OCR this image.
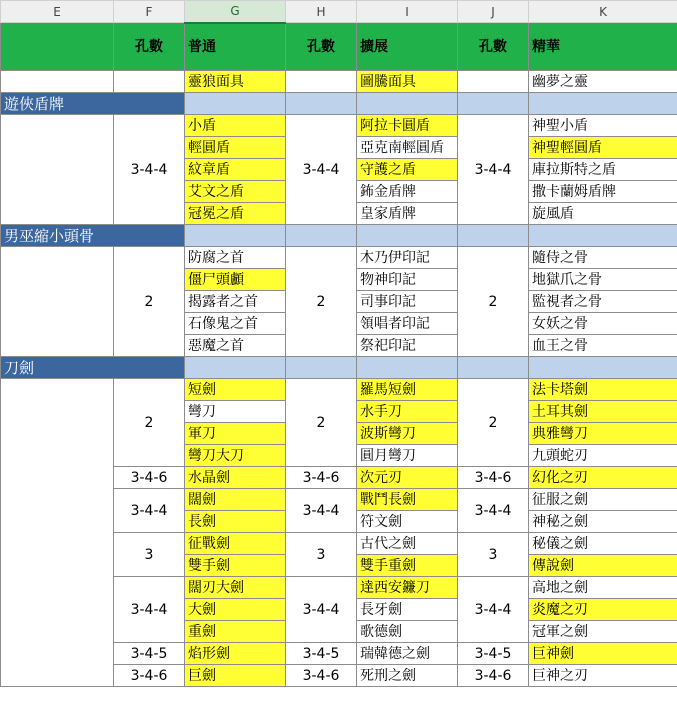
E	F	G	H	I	J	K
	孔數	普通	孔數	擴展	孔數	精華
		靈狼面具		圖騰面具		幽夢之靈
遊俠盾牌						
	3-4-4	小盾	3-4-4	阿拉卡圓盾	3-4-4	神聖小盾
		輕圓盾		亞克南輕圓盾		神聖輕圓盾
		紋章盾		守護之盾		庫拉斯特之盾
		艾文之盾		鈽金盾牌		撒卡蘭姆盾牌
		冠冕之盾		皇家盾牌		旋風盾
男巫縮小頭骨						
	2	防腐之首	2	木乃伊印記	2	隨侍之骨
		僵尸頭顱		物神印記		地獄爪之骨
		揭露者之首		司事印記		監視者之骨
		石像鬼之首		領唱者印記		女妖之骨
		惡魔之首		祭祀印記		血王之骨
刀劍						
	2	短劍	2	羅馬短劍	2	法卡塔劍
		彎刀		水手刀		土耳其劍
		軍刀		波斯彎刀		典雅彎刀
		彎刀大刀		圓月彎刀		九頭蛇刃
	3-4-6	水晶劍	3-4-6	次元刃	3-4-6	幻化之刃
	3-4-4	闊劍	3-4-4	戰鬥長劍	3-4-4	征服之劍
		長劍		符文劍		神秘之劍
	3	征戰劍	3	古代之劍	3	秘儀之劍
		雙手劍		雙手重劍		傳說劍
	3-4-4	闊刃大劍	3-4-4	達西安鐮刀	3-4-4	高地之劍
		大劍		長牙劍		炎魔之刃
		重劍		歌德劍		冠軍之劍
	3-4-5	焰形劍	3-4-5	瑞韓德之劍	3-4-5	巨神劍
	3-4-6	巨劍	3-4-6	死刑之劍	3-4-6	巨神之刃
